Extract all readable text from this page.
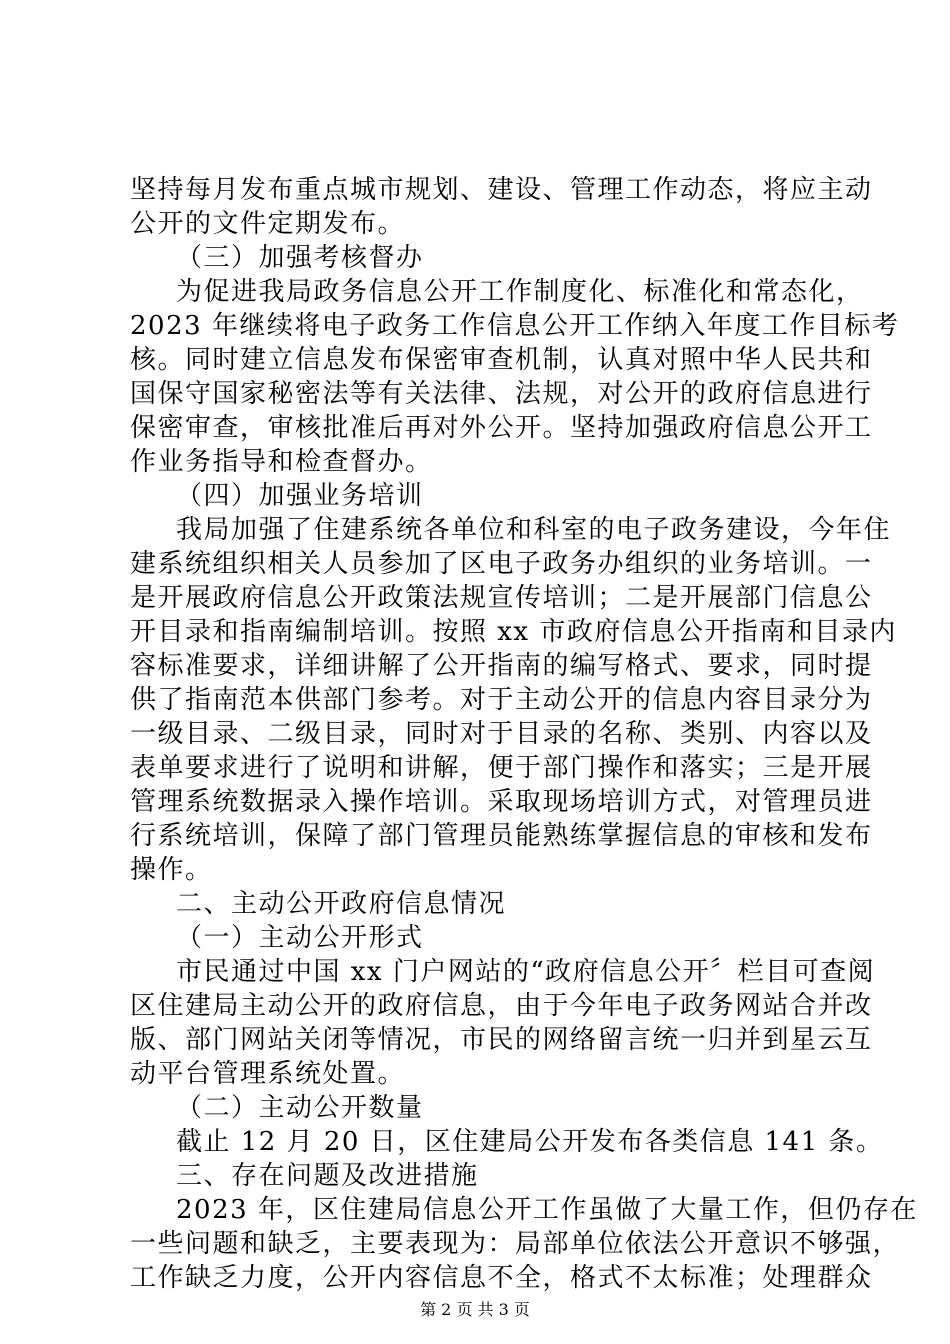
坚持每月发布重点城市规划、建设、管理工作动态，将应主动
公开的文件定期发布。
（三）加强考核督办
为促进我局政务信息公开工作制度化、标准化和常态化，
2023 年继续将电子政务工作信息公开工作纳入年度工作目标考
核。同时建立信息发布保密审查机制，认真对照中华人民共和
国保守国家秘密法等有关法律、法规，对公开的政府信息进行
保密审查，审核批准后再对外公开。坚持加强政府信息公开工
作业务指导和检查督办。
（四）加强业务培训
我局加强了住建系统各单位和科室的电子政务建设，今年住
建系统组织相关人员参加了区电子政务办组织的业务培训。一
是开展政府信息公开政策法规宣传培训；二是开展部门信息公
开目录和指南编制培训。按照 xx 市政府信息公开指南和目录内
容标准要求，详细讲解了公开指南的编写格式、要求，同时提
供了指南范本供部门参考。对于主动公开的信息内容目录分为
一级目录、二级目录，同时对于目录的名称、类别、内容以及
表单要求进行了说明和讲解，便于部门操作和落实；三是开展
管理系统数据录入操作培训。采取现场培训方式，对管理员进
行系统培训，保障了部门管理员能熟练掌握信息的审核和发布
操作。
二、主动公开政府信息情况
（一）主动公开形式
市民通过中国 xx 门户网站的“政府信息公开〞栏目可查阅
区住建局主动公开的政府信息，由于今年电子政务网站合并改
版、部门网站关闭等情况，市民的网络留言统一归并到星云互
动平台管理系统处置。
（二）主动公开数量
截止 12 月 20 日，区住建局公开发布各类信息 141 条。
三、存在问题及改进措施
2023 年，区住建局信息公开工作虽做了大量工作，但仍存在
一些问题和缺乏，主要表现为：局部单位依法公开意识不够强，
工作缺乏力度，公开内容信息不全，格式不太标准；处理群众
第 2 页 共 3 页
